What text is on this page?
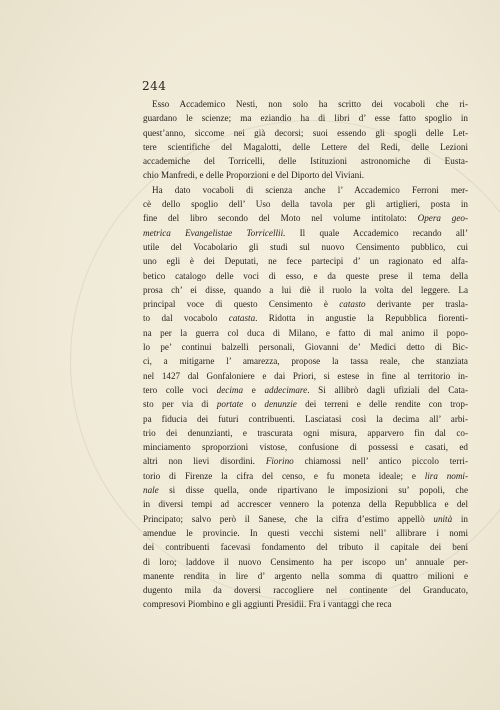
244
Esso Accademico Nesti, non solo ha scritto dei vocaboli che ri-
guardano le scienze; ma eziandio ha di libri d’ esse fatto spoglio in
quest’anno, siccome nei già decorsi; suoi essendo gli spogli delle Let-
tere scientifiche del Magalotti, delle Lettere del Redi, delle Lezioni
accademiche del Torricelli, delle Istituzioni astronomiche di Eusta-
chio Manfredi, e delle Proporzioni e del Diporto del Viviani.
Ha dato vocaboli di scienza anche l’ Accademico Ferroni mer-
cè dello spoglio dell’ Uso della tavola per gli artiglieri, posta in
fine del libro secondo del Moto nel volume intitolato: Opera geo-
metrica Evangelistae Torricellii. Il quale Accademico recando all’
utile del Vocabolario gli studi sul nuovo Censimento pubblico, cui
uno egli è dei Deputati, ne fece partecipi d’ un ragionato ed alfa-
betico catalogo delle voci di esso, e da queste prese il tema della
prosa ch’ ei disse, quando a lui diè il ruolo la volta del leggere. La
principal voce di questo Censimento è catasto derivante per trasla-
to dal vocabolo catasta. Ridotta in angustie la Repubblica fiorenti-
na per la guerra col duca di Milano, e fatto di mal animo il popo-
lo pe’ continui balzelli personali, Giovanni de’ Medici detto di Bic-
ci, a mitigarne l’ amarezza, propose la tassa reale, che stanziata
nel 1427 dal Gonfaloniere e dai Priori, si estese in fine al territorio in-
tero colle voci decima e addecimare. Si allibrò dagli ufiziali del Cata-
sto per via di portate o denunzie dei terreni e delle rendite con trop-
pa fiducia dei futuri contribuenti. Lasciatasi così la decima all’ arbi-
trio dei denunzianti, e trascurata ogni misura, apparvero fin dal co-
minciamento sproporzioni vistose, confusione di possessi e casati, ed
altri non lievi disordini. Fiorino chiamossi nell’ antico piccolo terri-
torio di Firenze la cifra del censo, e fu moneta ideale; e lira nomi-
nale si disse quella, onde ripartivano le imposizioni su’ popoli, che
in diversi tempi ad accrescer vennero la potenza della Repubblica e del
Principato; salvo però il Sanese, che la cifra d’estimo appellò unità in
amendue le provincie. In questi vecchi sistemi nell’ allibrare i nomi
dei contribuenti facevasi fondamento del tributo il capitale dei beni
di loro; laddove il nuovo Censimento ha per iscopo un’ annuale per-
manente rendita in lire d’ argento nella somma di quattro milioni e
dugento mila da doversi raccogliere nel continente del Granducato,
compresovi Piombino e gli aggiunti Presidii. Fra i vantaggi che reca
